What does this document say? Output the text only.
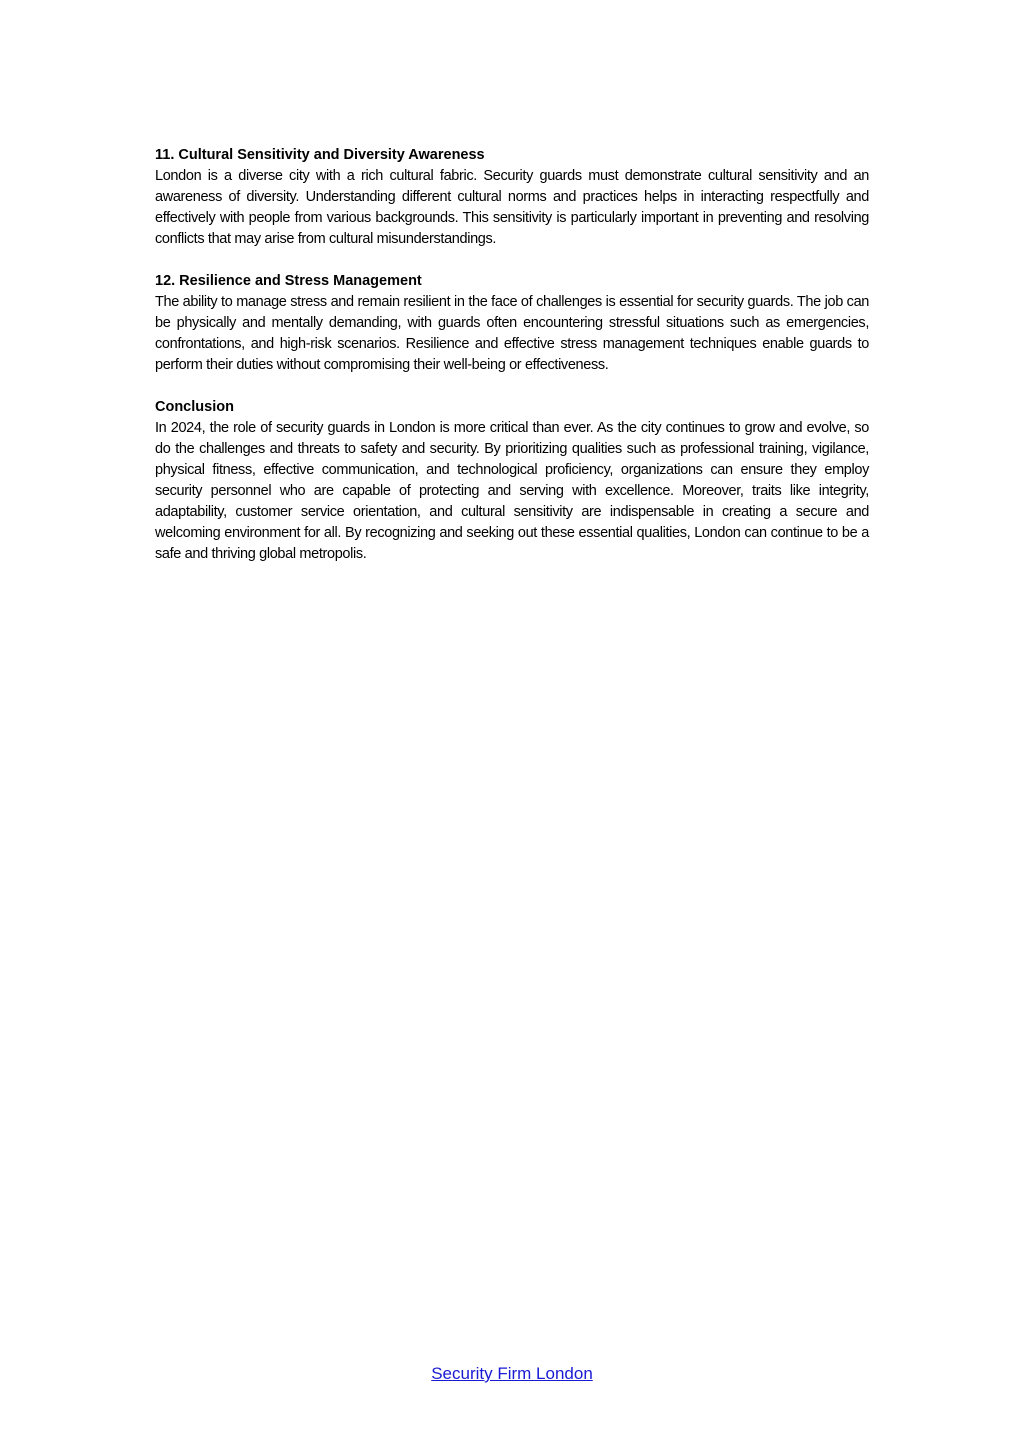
11. Cultural Sensitivity and Diversity Awareness

London is a diverse city with a rich cultural fabric. Security guards must demonstrate cultural sensitivity and an awareness of diversity. Understanding different cultural norms and practices helps in interacting respectfully and effectively with people from various backgrounds. This sensitivity is particularly important in preventing and resolving conflicts that may arise from cultural misunderstandings.

12. Resilience and Stress Management

The ability to manage stress and remain resilient in the face of challenges is essential for security guards. The job can be physically and mentally demanding, with guards often encountering stressful situations such as emergencies, confrontations, and high-risk scenarios. Resilience and effective stress management techniques enable guards to perform their duties without compromising their well-being or effectiveness.

Conclusion

In 2024, the role of security guards in London is more critical than ever. As the city continues to grow and evolve, so do the challenges and threats to safety and security. By prioritizing qualities such as professional training, vigilance, physical fitness, effective communication, and technological proficiency, organizations can ensure they employ security personnel who are capable of protecting and serving with excellence. Moreover, traits like integrity, adaptability, customer service orientation, and cultural sensitivity are indispensable in creating a secure and welcoming environment for all. By recognizing and seeking out these essential qualities, London can continue to be a safe and thriving global metropolis.

Security Firm London
